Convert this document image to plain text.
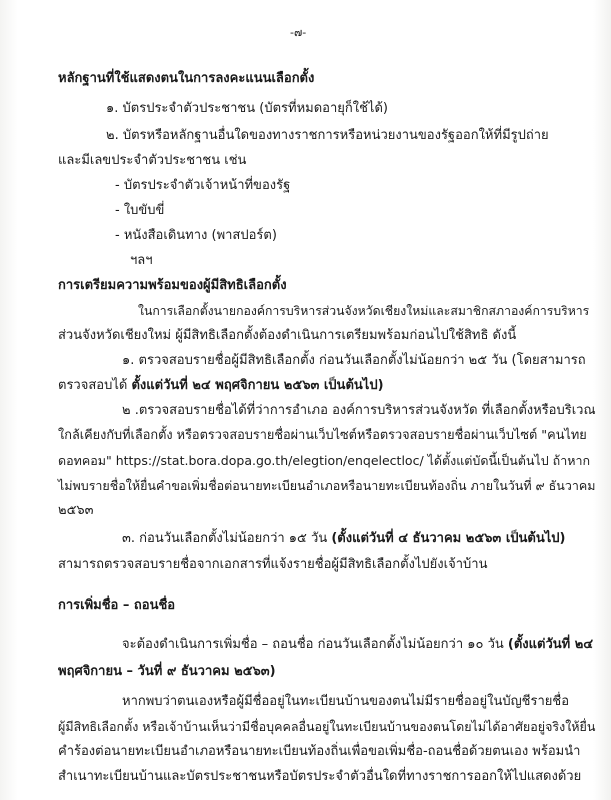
-๗-
หลักฐานที่ใช้แสดงตนในการลงคะแนนเลือกตั้ง
๑. บัตรประจำตัวประชาชน (บัตรที่หมดอายุก็ใช้ได้)
๒. บัตรหรือหลักฐานอื่นใดของทางราชการหรือหน่วยงานของรัฐออกให้ที่มีรูปถ่าย
และมีเลขประจำตัวประชาชน เช่น
- บัตรประจำตัวเจ้าหน้าที่ของรัฐ
- ใบขับขี่
- หนังสือเดินทาง (พาสปอร์ต)
ฯลฯ
การเตรียมความพร้อมของผู้มีสิทธิเลือกตั้ง
ในการเลือกตั้งนายกองค์การบริหารส่วนจังหวัดเชียงใหม่และสมาชิกสภาองค์การบริหาร
ส่วนจังหวัดเชียงใหม่ ผู้มีสิทธิเลือกตั้งต้องดำเนินการเตรียมพร้อมก่อนไปใช้สิทธิ ดังนี้
๑. ตรวจสอบรายชื่อผู้มีสิทธิเลือกตั้ง ก่อนวันเลือกตั้งไม่น้อยกว่า ๒๕ วัน (โดยสามารถ
ตรวจสอบได้ ตั้งแต่วันที่ ๒๔ พฤศจิกายน ๒๕๖๓ เป็นต้นไป)
๒ .ตรวจสอบรายชื่อได้ที่ว่าการอำเภอ องค์การบริหารส่วนจังหวัด ที่เลือกตั้งหรือบริเวณ
ใกล้เคียงกับที่เลือกตั้ง หรือตรวจสอบรายชื่อผ่านเว็บไซต์หรือตรวจสอบรายชื่อผ่านเว็บไซต์ "คนไทย
ดอทคอม" https://stat.bora.dopa.go.th/elegtion/enqelectloc/ ได้ตั้งแต่บัดนี้เป็นต้นไป ถ้าหาก
ไม่พบรายชื่อให้ยื่นคำขอเพิ่มชื่อต่อนายทะเบียนอำเภอหรือนายทะเบียนท้องถิ่น ภายในวันที่ ๙ ธันวาคม
๒๕๖๓
๓. ก่อนวันเลือกตั้งไม่น้อยกว่า ๑๕ วัน (ตั้งแต่วันที่ ๔ ธันวาคม ๒๕๖๓ เป็นต้นไป)
สามารถตรวจสอบรายชื่อจากเอกสารที่แจ้งรายชื่อผู้มีสิทธิเลือกตั้งไปยังเจ้าบ้าน
การเพิ่มชื่อ – ถอนชื่อ
จะต้องดำเนินการเพิ่มชื่อ – ถอนชื่อ ก่อนวันเลือกตั้งไม่น้อยกว่า ๑๐ วัน (ตั้งแต่วันที่ ๒๔
พฤศจิกายน – วันที่ ๙ ธันวาคม ๒๕๖๓)
หากพบว่าตนเองหรือผู้มีชื่ออยู่ในทะเบียนบ้านของตนไม่มีรายชื่ออยู่ในบัญชีรายชื่อ
ผู้มีสิทธิเลือกตั้ง หรือเจ้าบ้านเห็นว่ามีชื่อบุคคลอื่นอยู่ในทะเบียนบ้านของตนโดยไม่ได้อาศัยอยู่จริงให้ยื่น
คำร้องต่อนายทะเบียนอำเภอหรือนายทะเบียนท้องถิ่นเพื่อขอเพิ่มชื่อ-ถอนชื่อด้วยตนเอง พร้อมนำ
สำเนาทะเบียนบ้านและบัตรประชาชนหรือบัตรประจำตัวอื่นใดที่ทางราชการออกให้ไปแสดงด้วย
